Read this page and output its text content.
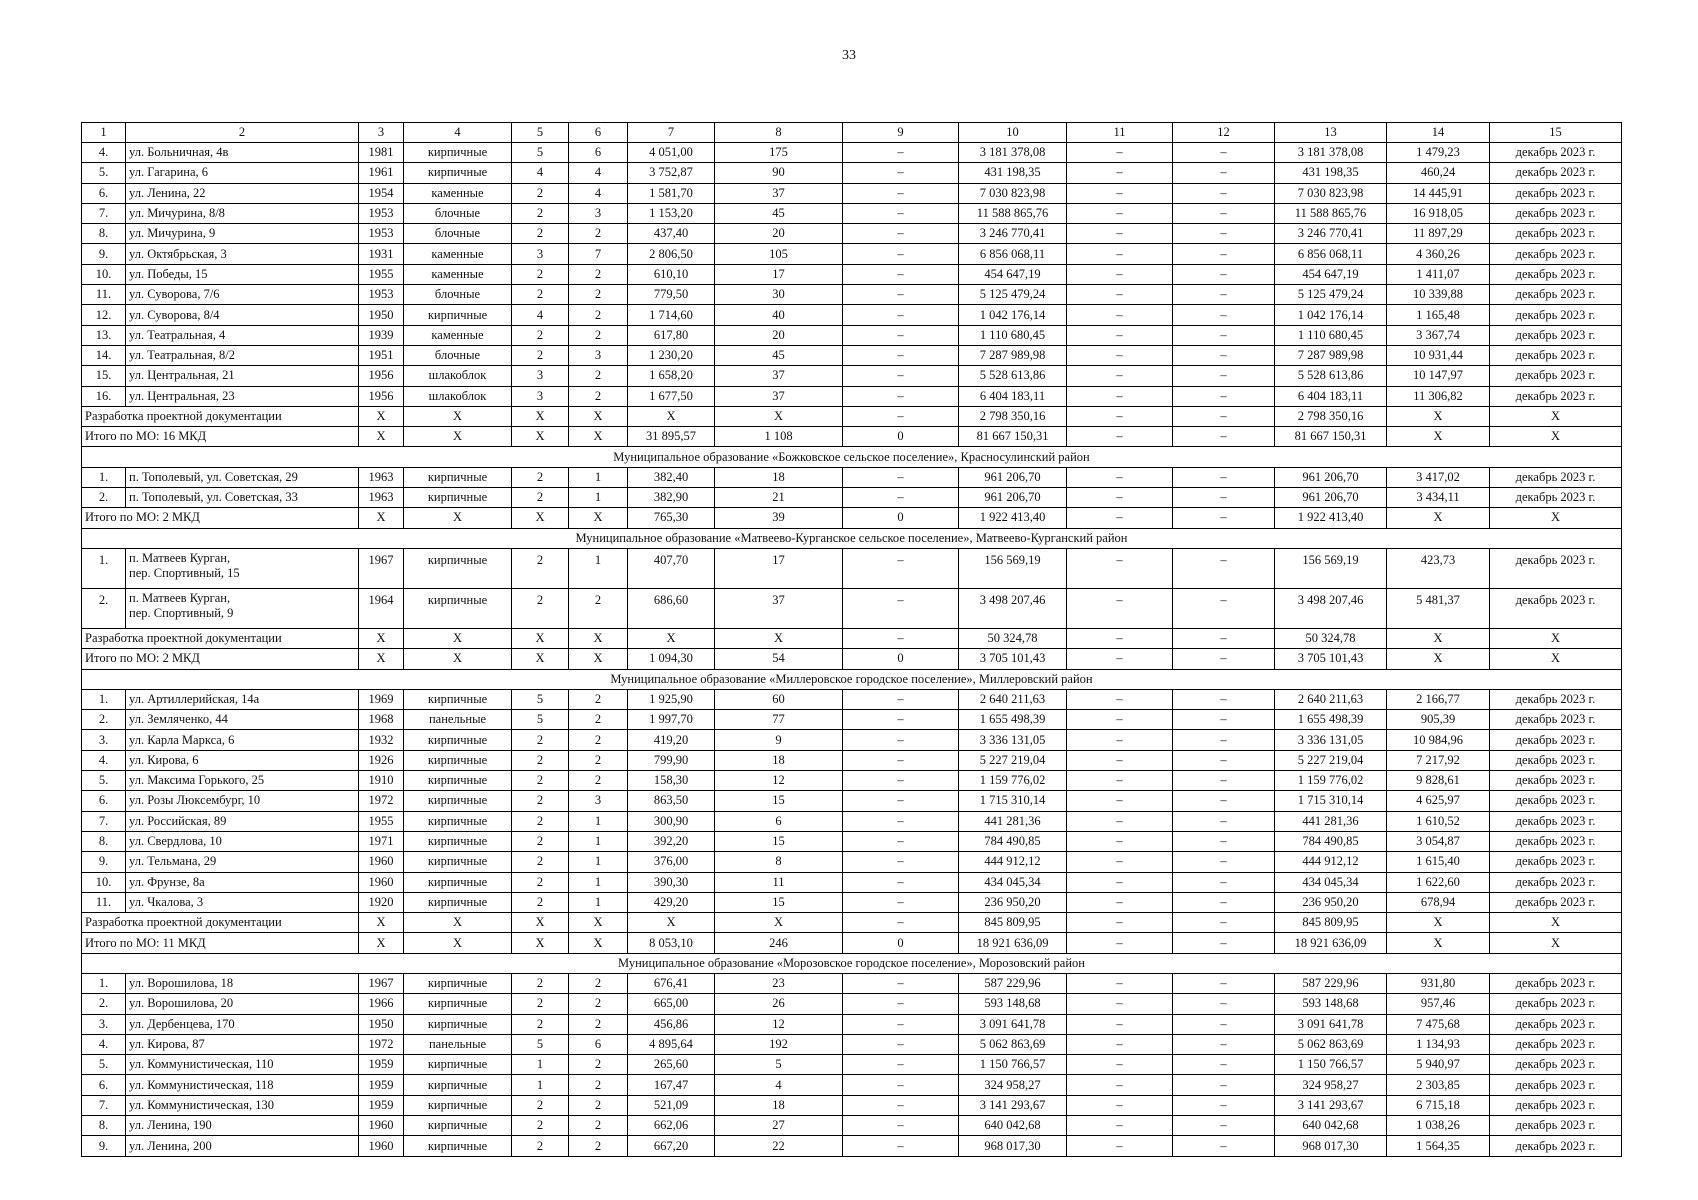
33
1	2	3	4	5	6	7	8	9	10	11	12	13	14	15
4.	ул. Больничная, 4в	1981	кирпичные	5	6	4 051,00	175	–	3 181 378,08	–	–	3 181 378,08	1 479,23	декабрь 2023 г.
5.	ул. Гагарина, 6	1961	кирпичные	4	4	3 752,87	90	–	431 198,35	–	–	431 198,35	460,24	декабрь 2023 г.
6.	ул. Ленина, 22	1954	каменные	2	4	1 581,70	37	–	7 030 823,98	–	–	7 030 823,98	14 445,91	декабрь 2023 г.
7.	ул. Мичурина, 8/8	1953	блочные	2	3	1 153,20	45	–	11 588 865,76	–	–	11 588 865,76	16 918,05	декабрь 2023 г.
8.	ул. Мичурина, 9	1953	блочные	2	2	437,40	20	–	3 246 770,41	–	–	3 246 770,41	11 897,29	декабрь 2023 г.
9.	ул. Октябрьская, 3	1931	каменные	3	7	2 806,50	105	–	6 856 068,11	–	–	6 856 068,11	4 360,26	декабрь 2023 г.
10.	ул. Победы, 15	1955	каменные	2	2	610,10	17	–	454 647,19	–	–	454 647,19	1 411,07	декабрь 2023 г.
11.	ул. Суворова, 7/6	1953	блочные	2	2	779,50	30	–	5 125 479,24	–	–	5 125 479,24	10 339,88	декабрь 2023 г.
12.	ул. Суворова, 8/4	1950	кирпичные	4	2	1 714,60	40	–	1 042 176,14	–	–	1 042 176,14	1 165,48	декабрь 2023 г.
13.	ул. Театральная, 4	1939	каменные	2	2	617,80	20	–	1 110 680,45	–	–	1 110 680,45	3 367,74	декабрь 2023 г.
14.	ул. Театральная, 8/2	1951	блочные	2	3	1 230,20	45	–	7 287 989,98	–	–	7 287 989,98	10 931,44	декабрь 2023 г.
15.	ул. Центральная, 21	1956	шлакоблок	3	2	1 658,20	37	–	5 528 613,86	–	–	5 528 613,86	10 147,97	декабрь 2023 г.
16.	ул. Центральная, 23	1956	шлакоблок	3	2	1 677,50	37	–	6 404 183,11	–	–	6 404 183,11	11 306,82	декабрь 2023 г.
Разработка проектной документации		X	X	X	X	X	X	–	2 798 350,16	–	–	2 798 350,16	X	X
Итого по МО: 16 МКД		X	X	X	X	31 895,57	1 108	0	81 667 150,31	–	–	81 667 150,31	X	X
Муниципальное образование «Божковское сельское поселение», Красносулинский район														
1.	п. Тополевый, ул. Советская, 29	1963	кирпичные	2	1	382,40	18	–	961 206,70	–	–	961 206,70	3 417,02	декабрь 2023 г.
2.	п. Тополевый, ул. Советская, 33	1963	кирпичные	2	1	382,90	21	–	961 206,70	–	–	961 206,70	3 434,11	декабрь 2023 г.
Итого по МО: 2 МКД		X	X	X	X	765,30	39	0	1 922 413,40	–	–	1 922 413,40	X	X
Муниципальное образование «Матвеево-Курганское сельское поселение», Матвеево-Курганский район														
1.	п. Матвеев Курган,
пер. Спортивный, 15	1967	кирпичные	2	1	407,70	17	–	156 569,19	–	–	156 569,19	423,73	декабрь 2023 г.
2.	п. Матвеев Курган,
пер. Спортивный, 9	1964	кирпичные	2	2	686,60	37	–	3 498 207,46	–	–	3 498 207,46	5 481,37	декабрь 2023 г.
Разработка проектной документации		X	X	X	X	X	X	–	50 324,78	–	–	50 324,78	X	X
Итого по МО: 2 МКД		X	X	X	X	1 094,30	54	0	3 705 101,43	–	–	3 705 101,43	X	X
Муниципальное образование «Миллеровское городское поселение», Миллеровский район														
1.	ул. Артиллерийская, 14а	1969	кирпичные	5	2	1 925,90	60	–	2 640 211,63	–	–	2 640 211,63	2 166,77	декабрь 2023 г.
2.	ул. Земляченко, 44	1968	панельные	5	2	1 997,70	77	–	1 655 498,39	–	–	1 655 498,39	905,39	декабрь 2023 г.
3.	ул. Карла Маркса, 6	1932	кирпичные	2	2	419,20	9	–	3 336 131,05	–	–	3 336 131,05	10 984,96	декабрь 2023 г.
4.	ул. Кирова, 6	1926	кирпичные	2	2	799,90	18	–	5 227 219,04	–	–	5 227 219,04	7 217,92	декабрь 2023 г.
5.	ул. Максима Горького, 25	1910	кирпичные	2	2	158,30	12	–	1 159 776,02	–	–	1 159 776,02	9 828,61	декабрь 2023 г.
6.	ул. Розы Люксембург, 10	1972	кирпичные	2	3	863,50	15	–	1 715 310,14	–	–	1 715 310,14	4 625,97	декабрь 2023 г.
7.	ул. Российская, 89	1955	кирпичные	2	1	300,90	6	–	441 281,36	–	–	441 281,36	1 610,52	декабрь 2023 г.
8.	ул. Свердлова, 10	1971	кирпичные	2	1	392,20	15	–	784 490,85	–	–	784 490,85	3 054,87	декабрь 2023 г.
9.	ул. Тельмана, 29	1960	кирпичные	2	1	376,00	8	–	444 912,12	–	–	444 912,12	1 615,40	декабрь 2023 г.
10.	ул. Фрунзе, 8а	1960	кирпичные	2	1	390,30	11	–	434 045,34	–	–	434 045,34	1 622,60	декабрь 2023 г.
11.	ул. Чкалова, 3	1920	кирпичные	2	1	429,20	15	–	236 950,20	–	–	236 950,20	678,94	декабрь 2023 г.
Разработка проектной документации		X	X	X	X	X	X	–	845 809,95	–	–	845 809,95	X	X
Итого по МО: 11 МКД		X	X	X	X	8 053,10	246	0	18 921 636,09	–	–	18 921 636,09	X	X
Муниципальное образование «Морозовское городское поселение», Морозовский район														
1.	ул. Ворошилова, 18	1967	кирпичные	2	2	676,41	23	–	587 229,96	–	–	587 229,96	931,80	декабрь 2023 г.
2.	ул. Ворошилова, 20	1966	кирпичные	2	2	665,00	26	–	593 148,68	–	–	593 148,68	957,46	декабрь 2023 г.
3.	ул. Дербенцева, 170	1950	кирпичные	2	2	456,86	12	–	3 091 641,78	–	–	3 091 641,78	7 475,68	декабрь 2023 г.
4.	ул. Кирова, 87	1972	панельные	5	6	4 895,64	192	–	5 062 863,69	–	–	5 062 863,69	1 134,93	декабрь 2023 г.
5.	ул. Коммунистическая, 110	1959	кирпичные	1	2	265,60	5	–	1 150 766,57	–	–	1 150 766,57	5 940,97	декабрь 2023 г.
6.	ул. Коммунистическая, 118	1959	кирпичные	1	2	167,47	4	–	324 958,27	–	–	324 958,27	2 303,85	декабрь 2023 г.
7.	ул. Коммунистическая, 130	1959	кирпичные	2	2	521,09	18	–	3 141 293,67	–	–	3 141 293,67	6 715,18	декабрь 2023 г.
8.	ул. Ленина, 190	1960	кирпичные	2	2	662,06	27	–	640 042,68	–	–	640 042,68	1 038,26	декабрь 2023 г.
9.	ул. Ленина, 200	1960	кирпичные	2	2	667,20	22	–	968 017,30	–	–	968 017,30	1 564,35	декабрь 2023 г.
